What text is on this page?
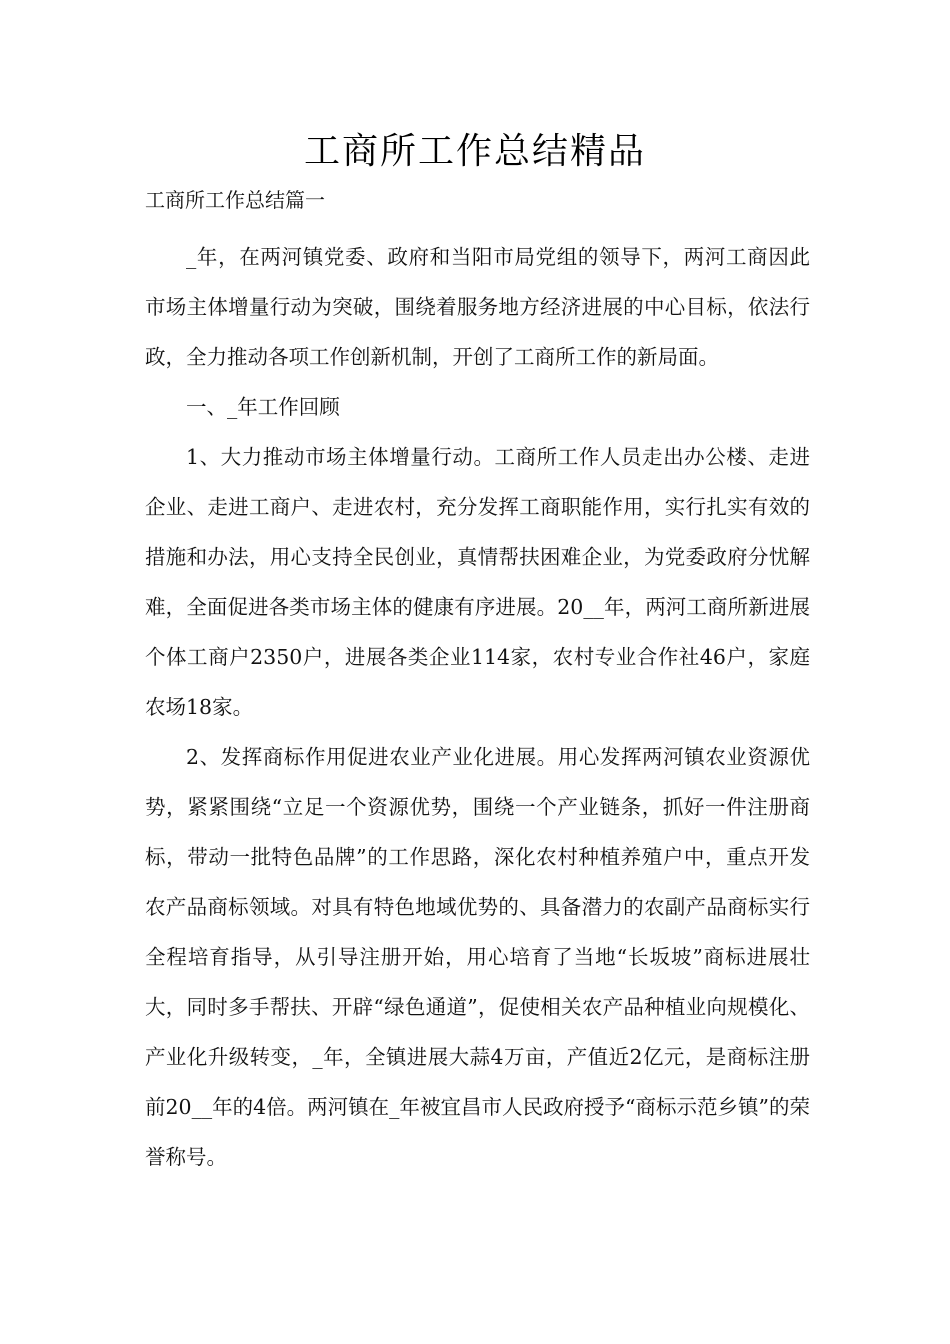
工商所工作总结精品
工商所工作总结篇一

_年，在两河镇党委、政府和当阳市局党组的领导下，两河工商因此市场主体增量行动为突破，围绕着服务地方经济进展的中心目标，依法行政，全力推动各项工作创新机制，开创了工商所工作的新局面。

一、_年工作回顾

1、大力推动市场主体增量行动。工商所工作人员走出办公楼、走进企业、走进工商户、走进农村，充分发挥工商职能作用，实行扎实有效的措施和办法，用心支持全民创业，真情帮扶困难企业，为党委政府分忧解难，全面促进各类市场主体的健康有序进展。20__年，两河工商所新进展个体工商户2350户，进展各类企业114家，农村专业合作社46户，家庭农场18家。

2、发挥商标作用促进农业产业化进展。用心发挥两河镇农业资源优势，紧紧围绕“立足一个资源优势，围绕一个产业链条，抓好一件注册商标，带动一批特色品牌”的工作思路，深化农村种植养殖户中，重点开发农产品商标领域。对具有特色地域优势的、具备潜力的农副产品商标实行全程培育指导，从引导注册开始，用心培育了当地“长坂坡”商标进展壮大，同时多手帮扶、开辟“绿色通道”，促使相关农产品种植业向规模化、产业化升级转变，_年，全镇进展大蒜4万亩，产值近2亿元，是商标注册前20__年的4倍。两河镇在_年被宜昌市人民政府授予“商标示范乡镇”的荣誉称号。
